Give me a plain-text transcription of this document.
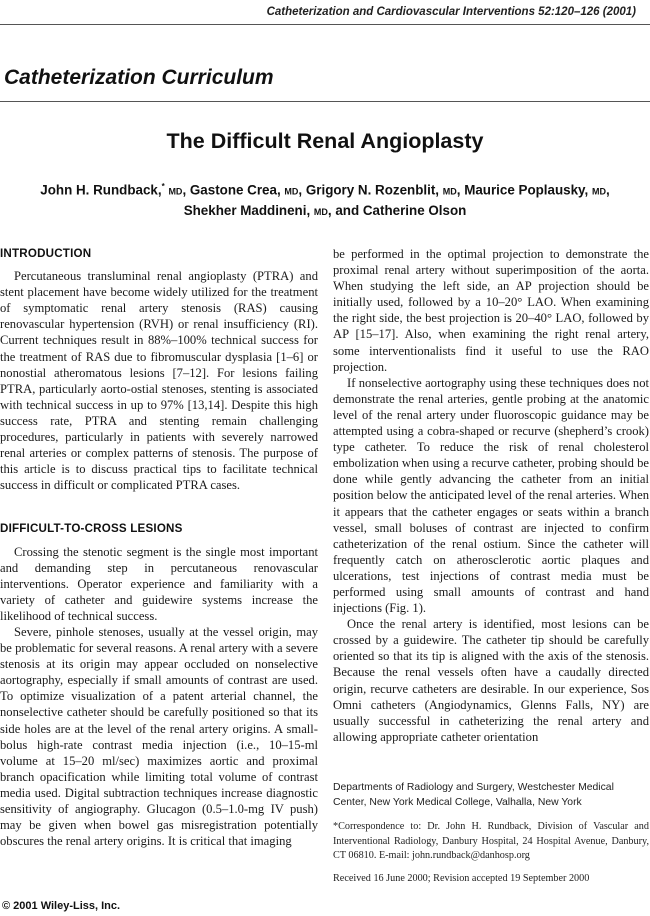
Catheterization and Cardiovascular Interventions 52:120–126 (2001)
Catheterization Curriculum
The Difficult Renal Angioplasty
John H. Rundback,* MD, Gastone Crea, MD, Grigory N. Rozenblit, MD, Maurice Poplausky, MD,
Shekher Maddineni, MD, and Catherine Olson
INTRODUCTION

Percutaneous transluminal renal angioplasty (PTRA) and stent placement have become widely utilized for the treatment of symptomatic renal artery stenosis (RAS) causing renovascular hypertension (RVH) or renal insufficiency (RI). Current techniques result in 88%–100% technical success for the treatment of RAS due to fibromuscular dysplasia [1–6] or nonostial atheromatous lesions [7–12]. For lesions failing PTRA, particularly aorto-ostial stenoses, stenting is associated with technical success in up to 97% [13,14]. Despite this high success rate, PTRA and stenting remain challenging procedures, particularly in patients with severely narrowed renal arteries or complex patterns of stenosis. The purpose of this article is to discuss practical tips to facilitate technical success in difficult or complicated PTRA cases.

DIFFICULT-TO-CROSS LESIONS

Crossing the stenotic segment is the single most important and demanding step in percutaneous renovascular interventions. Operator experience and familiarity with a variety of catheter and guidewire systems increase the likelihood of technical success.

Severe, pinhole stenoses, usually at the vessel origin, may be problematic for several reasons. A renal artery with a severe stenosis at its origin may appear occluded on nonselective aortography, especially if small amounts of contrast are used. To optimize visualization of a patent arterial channel, the nonselective catheter should be carefully positioned so that its side holes are at the level of the renal artery origins. A small-bolus high-rate contrast media injection (i.e., 10–15-ml volume at 15–20 ml/sec) maximizes aortic and proximal branch opacification while limiting total volume of contrast media used. Digital subtraction techniques increase diagnostic sensitivity of angiography. Glucagon (0.5–1.0-mg IV push) may be given when bowel gas misregistration potentially obscures the renal artery origins. It is critical that imaging

be performed in the optimal projection to demonstrate the proximal renal artery without superimposition of the aorta. When studying the left side, an AP projection should be initially used, followed by a 10–20° LAO. When examining the right side, the best projection is 20–40° LAO, followed by AP [15–17]. Also, when examining the right renal artery, some interventionalists find it useful to use the RAO projection.

If nonselective aortography using these techniques does not demonstrate the renal arteries, gentle probing at the anatomic level of the renal artery under fluoroscopic guidance may be attempted using a cobra-shaped or recurve (shepherd’s crook) type catheter. To reduce the risk of renal cholesterol embolization when using a recurve catheter, probing should be done while gently advancing the catheter from an initial position below the anticipated level of the renal arteries. When it appears that the catheter engages or seats within a branch vessel, small boluses of contrast are injected to confirm catheterization of the renal ostium. Since the catheter will frequently catch on atherosclerotic aortic plaques and ulcerations, test injections of contrast media must be performed using small amounts of contrast and hand injections (Fig. 1).

Once the renal artery is identified, most lesions can be crossed by a guidewire. The catheter tip should be carefully oriented so that its tip is aligned with the axis of the stenosis. Because the renal vessels often have a caudally directed origin, recurve catheters are desirable. In our experience, Sos Omni catheters (Angiodynamics, Glenns Falls, NY) are usually successful in catheterizing the renal artery and allowing appropriate catheter orientation

Departments of Radiology and Surgery, Westchester Medical Center, New York Medical College, Valhalla, New York
*Correspondence to: Dr. John H. Rundback, Division of Vascular and Interventional Radiology, Danbury Hospital, 24 Hospital Avenue, Danbury, CT 06810. E-mail: john.rundback@danhosp.org
Received 16 June 2000; Revision accepted 19 September 2000
© 2001 Wiley-Liss, Inc.
